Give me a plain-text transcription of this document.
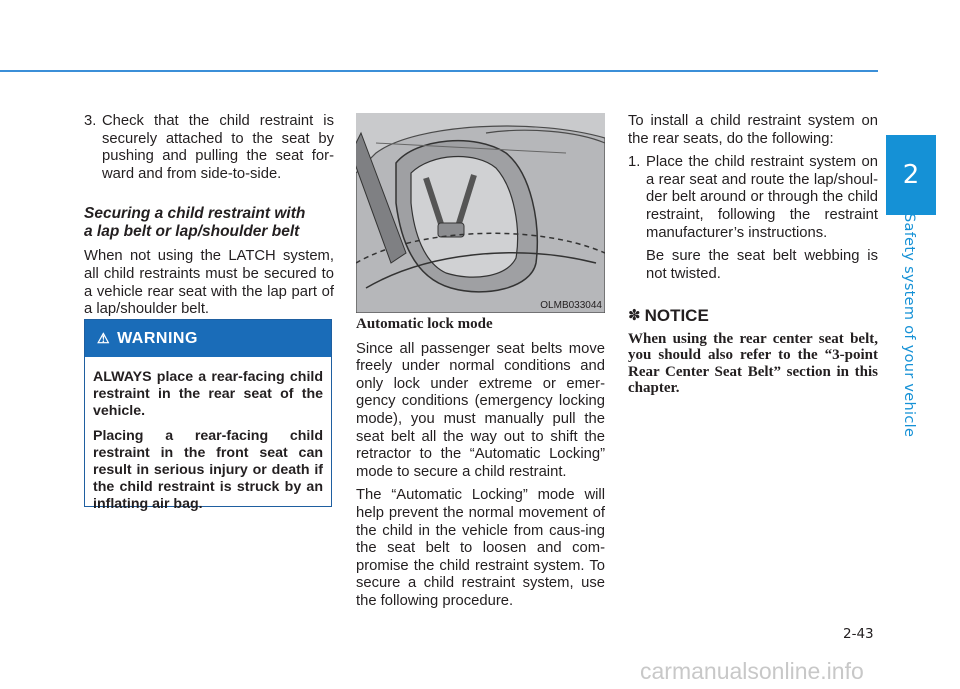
2
Safety system of your vehicle
3. Check that the child restraint is securely attached to the seat by pushing and pulling the seat for-ward and from side-to-side.
Securing a child restraint with
a lap belt or lap/shoulder belt

When not using the LATCH system, all child restraints must be secured to a vehicle rear seat with the lap part of a lap/shoulder belt.

⚠ WARNING

ALWAYS place a rear-facing child restraint in the rear seat of the vehicle.

Placing a rear-facing child restraint in the front seat can result in serious injury or death if the child restraint is struck by an inflating air bag.

OLMB033044
Automatic lock mode

Since all passenger seat belts move freely under normal conditions and only lock under extreme or emer-gency conditions (emergency locking mode), you must manually pull the seat belt all the way out to shift the retractor to the “Automatic Locking” mode to secure a child restraint.

The “Automatic Locking” mode will help prevent the normal movement of the child in the vehicle from caus-ing the seat belt to loosen and com-promise the child restraint system. To secure a child restraint system, use the following procedure.

To install a child restraint system on the rear seats, do the following:

1. Place the child restraint system on a rear seat and route the lap/shoul-der belt around or through the child restraint, following the restraint manufacturer’s instructions.

Be sure the seat belt webbing is not twisted.

✽ NOTICE
When using the rear center seat belt, you should also refer to the “3-point Rear Center Seat Belt” section in this chapter.
2-43
carmanualsonline.info
